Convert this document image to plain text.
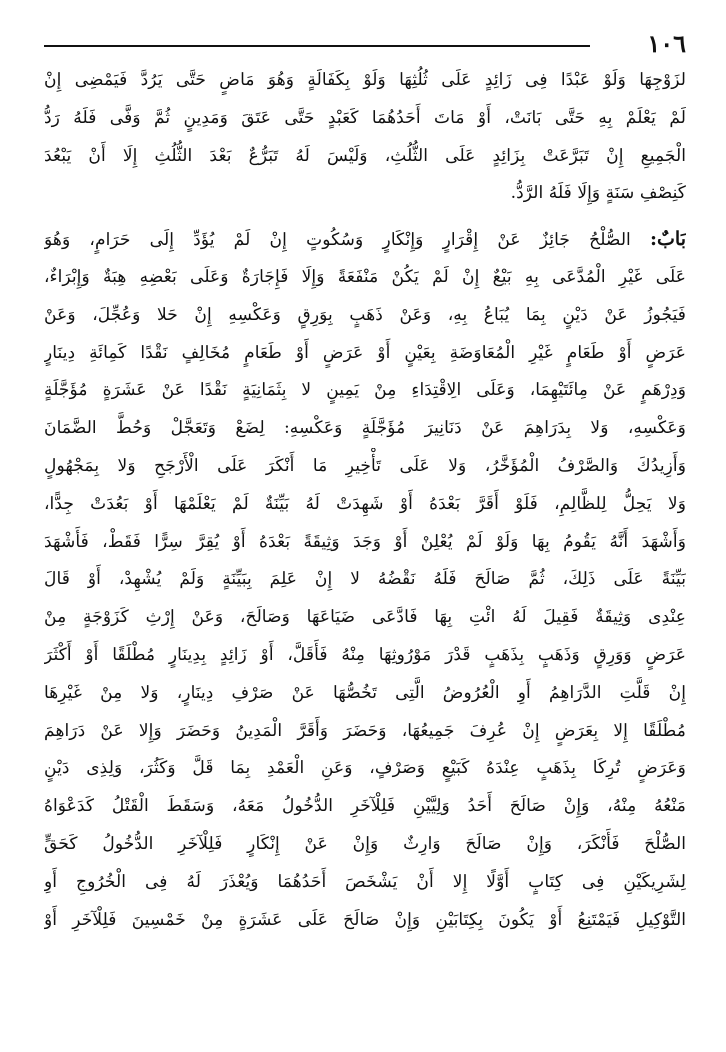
١٠٦
لزَوْجِهَا وَلَوْ عَبْدًا فِى زَائِدٍ عَلَى ثُلُثِهَا وَلَوْ بِكَفَالَةٍ وَهُوَ مَاضٍ حَتَّى يَرُدَّ فَيَمْضِى إِنْ
لَمْ يَعْلَمْ بِهِ حَتَّى بَانَتْ، أَوْ مَاتَ أَحَدُهُمَا كَعَبْدٍ حَتَّى عَتَقَ وَمَدِينٍ ثُمَّ وَفَّى فَلَهُ رَدُّ
الْجَمِيعِ إِنْ تَبَرَّعَتْ بِزَائِدٍ عَلَى الثُّلُثِ، وَلَيْسَ لَهُ تَبَرُّعٌ بَعْدَ الثُّلُثِ إِلَا أَنْ يَبْعُدَ
كَنِصْفِ سَنَةٍ وَإِلَا فَلَهُ الرَّدُّ.
بَابٌ: الصُّلْحُ جَائِزٌ عَنْ إِقْرَارٍ وَإِنْكَارٍ وَسُكُوتٍ إِنْ لَمْ يُؤَدِّ إِلَى حَرَامٍ، وَهُوَ
عَلَى غَيْرِ الْمُدَّعَى بِهِ بَيْعٌ إِنْ لَمْ يَكُنْ مَنْفَعَةً وَإِلَا فَإِجَارَةٌ وَعَلَى بَعْضِهِ هِبَةٌ وَإِبْرَاءٌ،
فَيَجُوزُ عَنْ دَيْنٍ بِمَا يُبَاعُ بِهِ، وَعَنْ ذَهَبٍ بِوَرِقٍ وَعَكْسِهِ إِنْ حَلا وَعُجِّلَ، وَعَنْ
عَرَضٍ أَوْ طَعَامٍ غَيْرِ الْمُعَاوَضَةِ بِعَيْنٍ أَوْ عَرَضٍ أَوْ طَعَامٍ مُخَالِفٍ نَقْدًا كَمِائَةِ دِينَارٍ
وَدِرْهَمٍ عَنْ مِائَتَيْهِمَا، وَعَلَى الِاقْتِدَاءِ مِنْ يَمِينٍ لا بِثَمَانِيَةٍ نَقْدًا عَنْ عَشَرَةٍ مُؤَجَّلَةٍ
وَعَكْسِهِ، وَلا بِدَرَاهِمَ عَنْ دَنَانِيرَ مُؤَجَّلَةٍ وَعَكْسِهِ: لِضَعْ وَتَعَجَّلْ وَحُطَّ الضَّمَانَ
وَأَزِيدُكَ وَالصَّرْفُ الْمُؤَخَّرُ، وَلا عَلَى تَأْخِيرِ مَا أَنْكَرَ عَلَى الْأَرْجَحِ وَلا بِمَجْهُولٍ
وَلا يَحِلُّ لِلظَّالِمِ، فَلَوْ أَقَرَّ بَعْدَهُ أَوْ شَهِدَتْ لَهُ بَيِّنَةٌ لَمْ يَعْلَمْهَا أَوْ بَعُدَتْ جِدًّا،
وَأَشْهَدَ أَنَّهُ يَقُومُ بِهَا وَلَوْ لَمْ يُعْلِنْ أَوْ وَجَدَ وَثِيقَةً بَعْدَهُ أَوْ يُقِرَّ سِرًّا فَقَطْ، فَأَشْهَدَ
بَيِّنَةً عَلَى ذَلِكَ، ثُمَّ صَالَحَ فَلَهُ نَقْضُهُ لا إِنْ عَلِمَ بِبَيِّنَةٍ وَلَمْ يُشْهِدْ، أَوْ قَالَ
عِنْدِى وَثِيقَةٌ فَقِيلَ لَهُ ائْتِ بِهَا فَادَّعَى ضَيَاعَهَا وَصَالَحَ، وَعَنْ إِرْثِ كَزَوْجَةٍ مِنْ
عَرَضٍ وَوَرِقٍ وَذَهَبٍ بِذَهَبٍ قَدْرَ مَوْرُوثِهَا مِنْهُ فَأَقَلَّ، أَوْ زَائِدٍ بِدِينَارٍ مُطْلَقًا أَوْ أَكْثَرَ
إِنْ قَلَّتِ الدَّرَاهِمُ أَوِ الْعُرُوضُ الَّتِى تَخُصُّهَا عَنْ صَرْفِ دِينَارٍ، وَلا مِنْ غَيْرِهَا
مُطْلَقًا إِلا بِعَرَضٍ إِنْ عُرِفَ جَمِيعُهَا، وَحَضَرَ وَأَقَرَّ الْمَدِينُ وَحَضَرَ وَإِلا عَنْ دَرَاهِمَ
وَعَرَضٍ تُرِكَا بِذَهَبٍ عِنْدَهُ كَبَيْعٍ وَصَرْفٍ، وَعَنِ الْعَمْدِ بِمَا قَلَّ وَكَثُرَ، وَلِذِى دَيْنٍ
مَنْعُهُ مِنْهُ، وَإِنْ صَالَحَ أَحَدُ وَلِيَّيْنِ فَلِلْآخَرِ الدُّخُولُ مَعَهُ، وَسَقَطَ الْقَتْلُ كَدَعْوَاهُ
الصُّلْحَ فَأَنْكَرَ، وَإِنْ صَالَحَ وَارِثٌ وَإِنْ عَنْ إِنْكَارٍ فَلِلْآخَرِ الدُّخُولُ كَحَقٍّ
لِشَرِيكَيْنِ فِى كِتَابٍ أَوَّلًا إِلا أَنْ يَشْخَصَ أَحَدُهُمَا وَيُعْذَرَ لَهُ فِى الْخُرُوجِ أَوِ
التَّوْكِيلِ فَيَمْتَنِعُ أَوْ يَكُونَ بِكِتَابَيْنِ وَإِنْ صَالَحَ عَلَى عَشَرَةٍ مِنْ خَمْسِينَ فَلِلْآخَرِ أَوْ
